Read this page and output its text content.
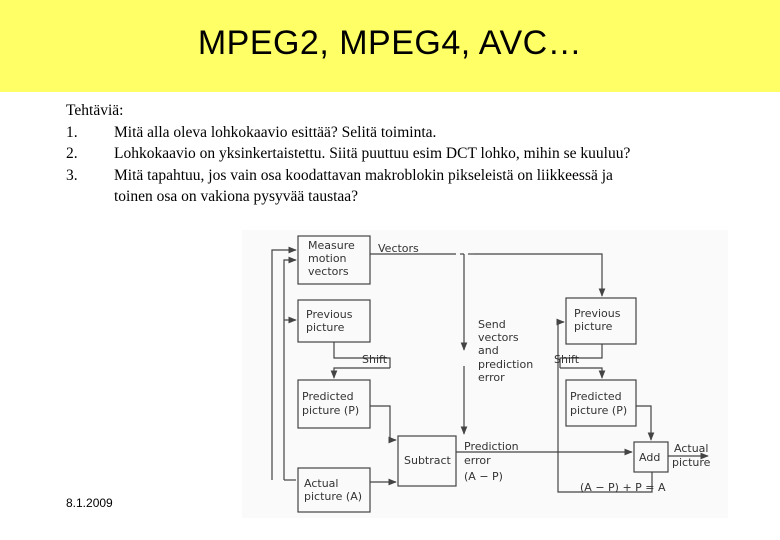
MPEG2, MPEG4, AVC…
Tehtäviä:
1.	Mitä alla oleva lohkokaavio esittää? Selitä toiminta.
2.	Lohkokaavio on yksinkertaistettu. Siitä puuttuu esim DCT lohko, mihin se kuuluu?
3.	Mitä tapahtuu, jos vain osa koodattavan makroblokin pikseleistä on liikkeessä ja
toinen osa on vakiona pysyvää taustaa?
Measure
motion
vectors
Vectors
Previous
picture
Shift
Predicted
picture (P)
Actual
picture (A)
Send
vectors
and
prediction
error
Previous
picture
Shift
Predicted
picture (P)
Subtract
Prediction
error
(A − P)
Add
Actual
picture
(A − P) + P = A
8.1.2009
